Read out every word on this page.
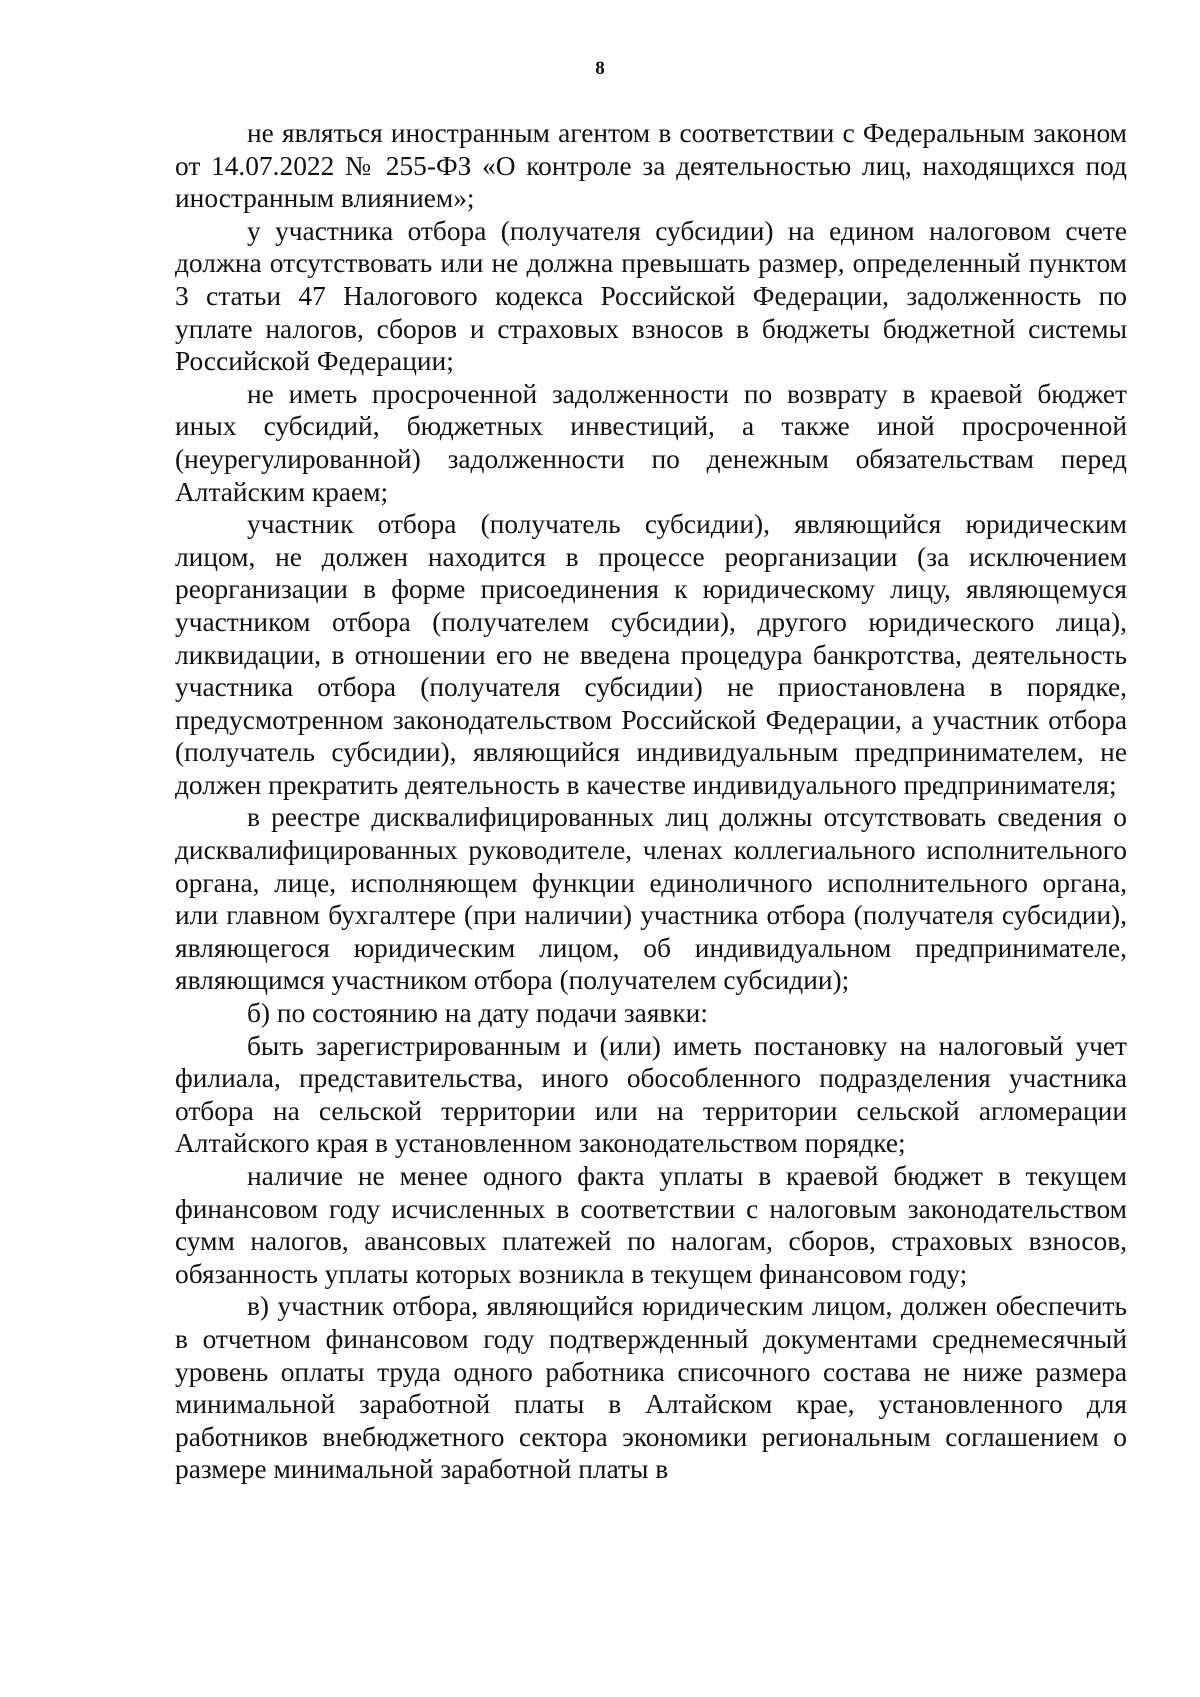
8

не являться иностранным агентом в соответствии с Федеральным законом от 14.07.2022 № 255-ФЗ «О контроле за деятельностью лиц, находящихся под иностранным влиянием»;

у участника отбора (получателя субсидии) на едином налоговом счете должна отсутствовать или не должна превышать размер, определенный пунктом 3 статьи 47 Налогового кодекса Российской Федерации, задолженность по уплате налогов, сборов и страховых взносов в бюджеты бюджетной системы Российской Федерации;

не иметь просроченной задолженности по возврату в краевой бюджет иных субсидий, бюджетных инвестиций, а также иной просроченной (неурегулированной) задолженности по денежным обязательствам перед Алтайским краем;

участник отбора (получатель субсидии), являющийся юридическим лицом, не должен находится в процессе реорганизации (за исключением реорганизации в форме присоединения к юридическому лицу, являющемуся участником отбора (получателем субсидии), другого юридического лица), ликвидации, в отношении его не введена процедура банкротства, деятельность участника отбора (получателя субсидии) не приостановлена в порядке, предусмотренном законодательством Российской Федерации, а участник отбора (получатель субсидии), являющийся индивидуальным предпринимателем, не должен прекратить деятельность в качестве индивидуального предпринимателя;

в реестре дисквалифицированных лиц должны отсутствовать сведения о дисквалифицированных руководителе, членах коллегиального исполнительного органа, лице, исполняющем функции единоличного исполнительного органа, или главном бухгалтере (при наличии) участника отбора (получателя субсидии), являющегося юридическим лицом, об индивидуальном предпринимателе, являющимся участником отбора (получателем субсидии);

б) по состоянию на дату подачи заявки:

быть зарегистрированным и (или) иметь постановку на налоговый учет филиала, представительства, иного обособленного подразделения участника отбора на сельской территории или на территории сельской агломерации Алтайского края в установленном законодательством порядке;

наличие не менее одного факта уплаты в краевой бюджет в текущем финансовом году исчисленных в соответствии с налоговым законодательством сумм налогов, авансовых платежей по налогам, сборов, страховых взносов, обязанность уплаты которых возникла в текущем финансовом году;

в) участник отбора, являющийся юридическим лицом, должен обеспечить в отчетном финансовом году подтвержденный документами среднемесячный уровень оплаты труда одного работника списочного состава не ниже размера минимальной заработной платы в Алтайском крае, установленного для работников внебюджетного сектора экономики региональным соглашением о размере минимальной заработной платы в
